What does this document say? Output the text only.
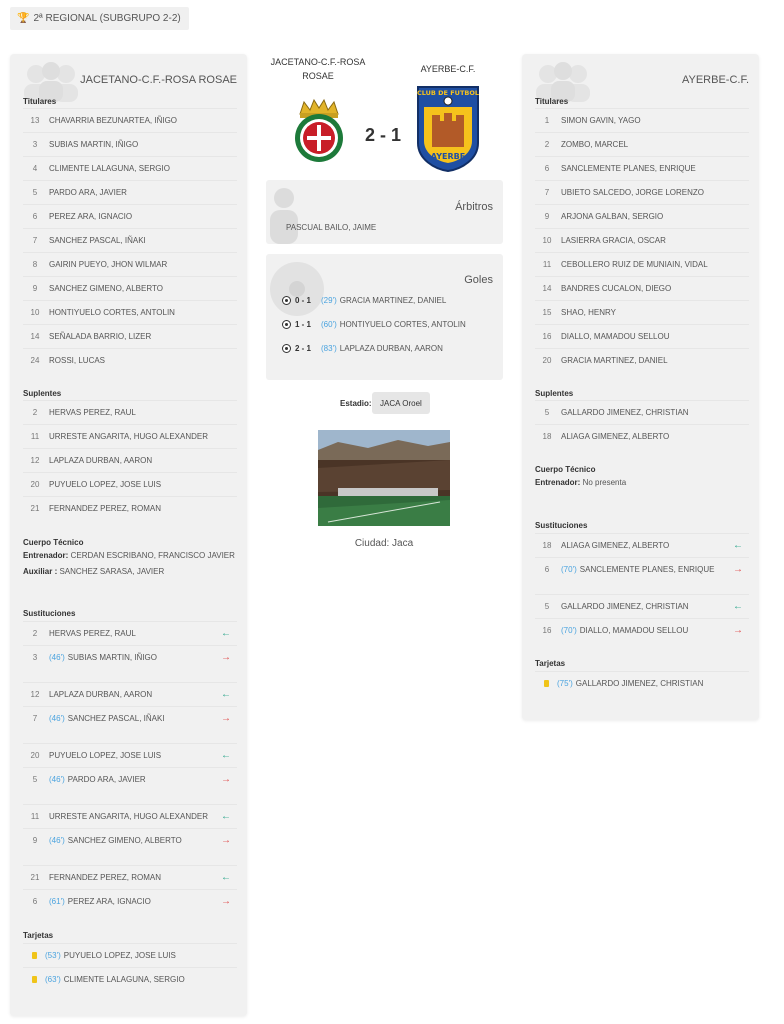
🏆 2ª REGIONAL (SUBGRUPO 2-2)
JACETANO-C.F.-ROSA ROSAE
Titulares
13	CHAVARRIA BEZUNARTEA, IÑIGO
3	SUBIAS MARTIN, IÑIGO
4	CLIMENTE LALAGUNA, SERGIO
5	PARDO ARA, JAVIER
6	PEREZ ARA, IGNACIO
7	SANCHEZ PASCAL, IÑAKI
8	GAIRIN PUEYO, JHON WILMAR
9	SANCHEZ GIMENO, ALBERTO
10	HONTIYUELO CORTES, ANTOLIN
14	SEÑALADA BARRIO, LIZER
24	ROSSI, LUCAS
Suplentes
2	HERVAS PEREZ, RAUL
11	URRESTE ANGARITA, HUGO ALEXANDER
12	LAPLAZA DURBAN, AARON
20	PUYUELO LOPEZ, JOSE LUIS
21	FERNANDEZ PEREZ, ROMAN
Cuerpo Técnico
Entrenador: CERDAN ESCRIBANO, FRANCISCO JAVIER
Auxiliar : SANCHEZ SARASA, JAVIER
Sustituciones
2	HERVAS PEREZ, RAUL	←
3	(46') SUBIAS MARTIN, IÑIGO	→
12	LAPLAZA DURBAN, AARON	←
7	(46') SANCHEZ PASCAL, IÑAKI	→
20	PUYUELO LOPEZ, JOSE LUIS	←
5	(46') PARDO ARA, JAVIER	→
11	URRESTE ANGARITA, HUGO ALEXANDER ←
9	(46') SANCHEZ GIMENO, ALBERTO	→
21	FERNANDEZ PEREZ, ROMAN	←
6	(61') PEREZ ARA, IGNACIO	→
Tarjetas
(53') PUYUELO LOPEZ, JOSE LUIS
(63') CLIMENTE LALAGUNA, SERGIO
AYERBE-C.F.
Titulares
1	SIMON GAVIN, YAGO
2	ZOMBO, MARCEL
6	SANCLEMENTE PLANES, ENRIQUE
7	UBIETO SALCEDO, JORGE LORENZO
9	ARJONA GALBAN, SERGIO
10	LASIERRA GRACIA, OSCAR
11	CEBOLLERO RUIZ DE MUNIAIN, VIDAL
14	BANDRES CUCALON, DIEGO
15	SHAO, HENRY
16	DIALLO, MAMADOU SELLOU
20	GRACIA MARTINEZ, DANIEL
Suplentes
5	GALLARDO JIMENEZ, CHRISTIAN
18	ALIAGA GIMENEZ, ALBERTO
Cuerpo Técnico
Entrenador: No presenta
Sustituciones
18	ALIAGA GIMENEZ, ALBERTO	←
6	(70') SANCLEMENTE PLANES, ENRIQUE →
5	GALLARDO JIMENEZ, CHRISTIAN	←
16	(70') DIALLO, MAMADOU SELLOU	→
Tarjetas
(75') GALLARDO JIMENEZ, CHRISTIAN
JACETANO-C.F.-ROSA
ROSAE
AYERBE-C.F.
2 - 1
CLUB DE FUTBOL
AYERBE
Árbitros
PASCUAL BAILO, JAIME
Goles
0 - 1 (29') GRACIA MARTINEZ, DANIEL
1 - 1 (60') HONTIYUELO CORTES, ANTOLIN
2 - 1 (83') LAPLAZA DURBAN, AARON
Estadio:	JACA Oroel
Ciudad: Jaca
